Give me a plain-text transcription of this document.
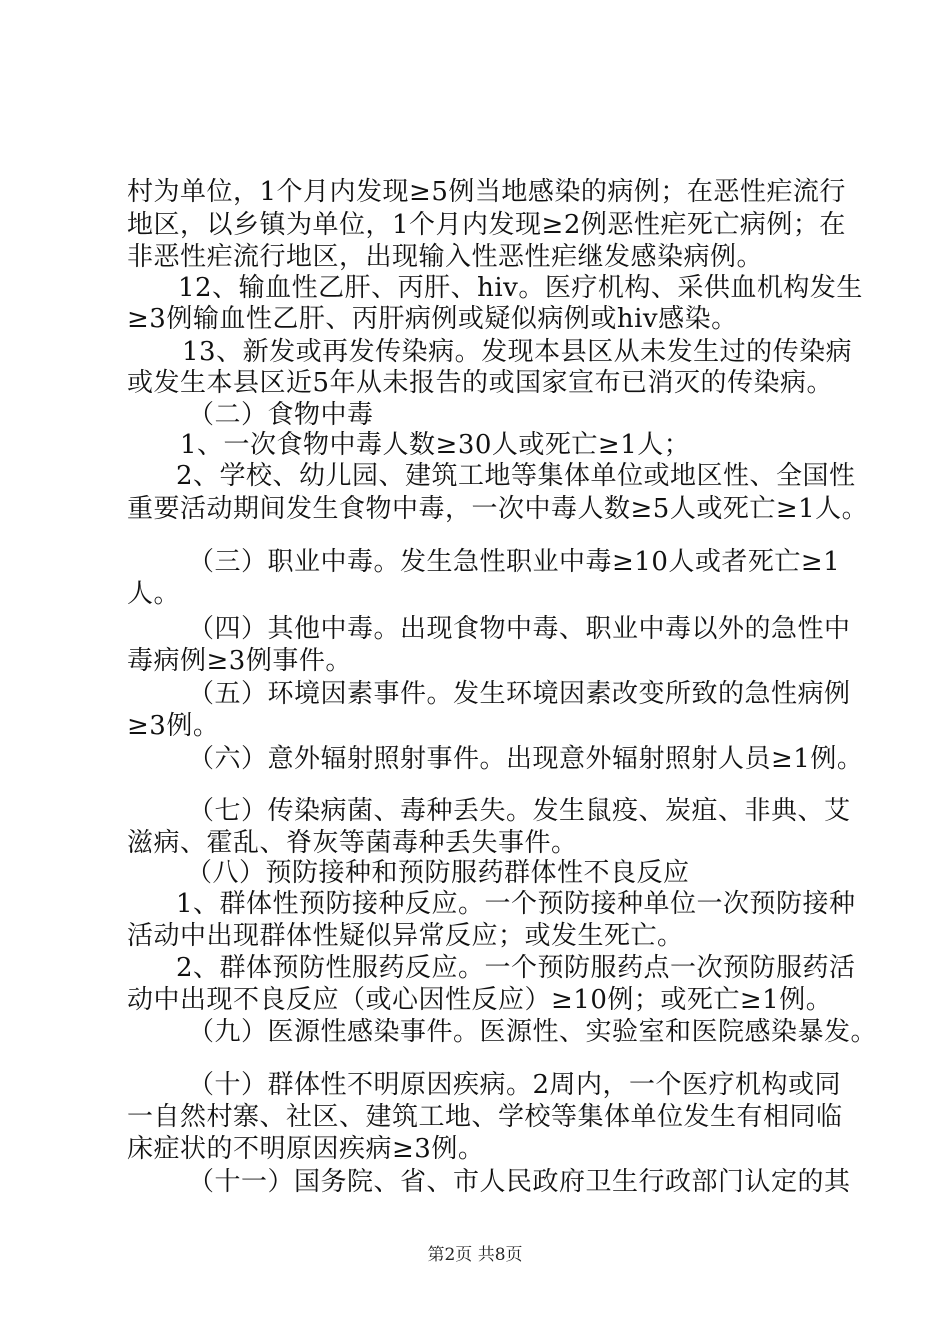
村为单位，1个月内发现≥5例当地感染的病例；在恶性疟流行
地区，以乡镇为单位，1个月内发现≥2例恶性疟死亡病例；在
非恶性疟流行地区，出现输入性恶性疟继发感染病例。
12、输血性乙肝、丙肝、hiv。医疗机构、采供血机构发生
≥3例输血性乙肝、丙肝病例或疑似病例或hiv感染。
13、新发或再发传染病。发现本县区从未发生过的传染病
或发生本县区近5年从未报告的或国家宣布已消灭的传染病。
（二）食物中毒
1、一次食物中毒人数≥30人或死亡≥1人；
2、学校、幼儿园、建筑工地等集体单位或地区性、全国性
重要活动期间发生食物中毒，一次中毒人数≥5人或死亡≥1人。
（三）职业中毒。发生急性职业中毒≥10人或者死亡≥1
人。
（四）其他中毒。出现食物中毒、职业中毒以外的急性中
毒病例≥3例事件。
（五）环境因素事件。发生环境因素改变所致的急性病例
≥3例。
（六）意外辐射照射事件。出现意外辐射照射人员≥1例。
（七）传染病菌、毒种丢失。发生鼠疫、炭疽、非典、艾
滋病、霍乱、脊灰等菌毒种丢失事件。
（八）预防接种和预防服药群体性不良反应
1、群体性预防接种反应。一个预防接种单位一次预防接种
活动中出现群体性疑似异常反应；或发生死亡。
2、群体预防性服药反应。一个预防服药点一次预防服药活
动中出现不良反应（或心因性反应）≥10例；或死亡≥1例。
（九）医源性感染事件。医源性、实验室和医院感染暴发。
（十）群体性不明原因疾病。2周内，一个医疗机构或同
一自然村寨、社区、建筑工地、学校等集体单位发生有相同临
床症状的不明原因疾病≥3例。
（十一）国务院、省、市人民政府卫生行政部门认定的其
第2页 共8页
